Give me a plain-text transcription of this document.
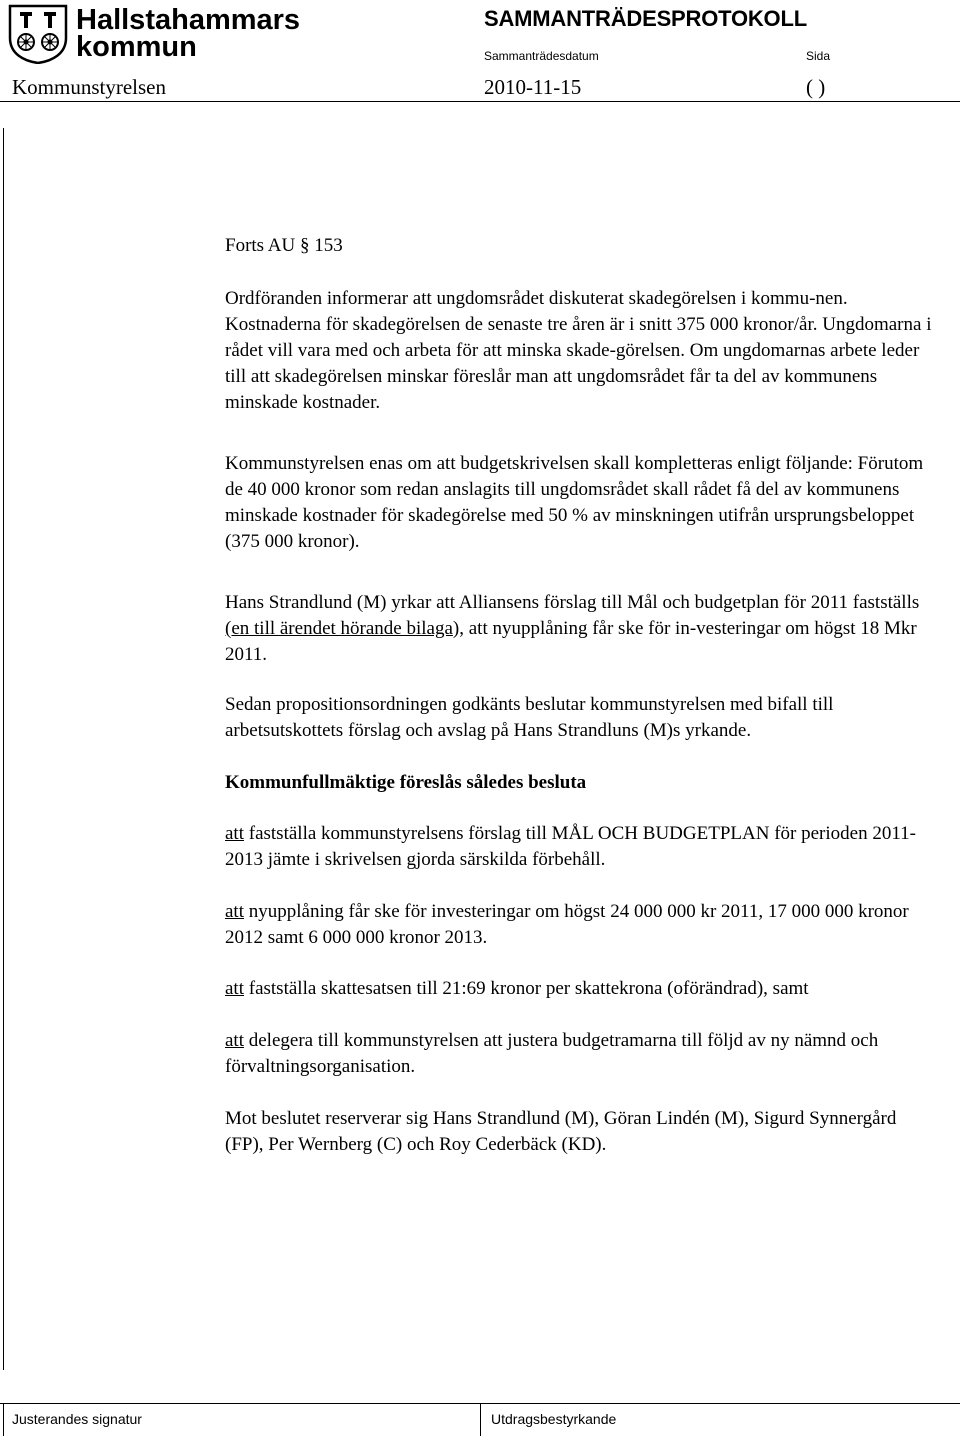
Hallstahammars
kommun
SAMMANTRÄDESPROTOKOLL
Sammanträdesdatum	Sida
Kommunstyrelsen	2010-11-15	( )
Forts AU § 153

Ordföranden informerar att ungdomsrådet diskuterat skadegörelsen i kommu-nen. Kostnaderna för skadegörelsen de senaste tre åren är i snitt 375 000 kronor/år. Ungdomarna i rådet vill vara med och arbeta för att minska skade-görelsen. Om ungdomarnas arbete leder till att skadegörelsen minskar föreslår man att ungdomsrådet får ta del av kommunens minskade kostnader.

Kommunstyrelsen enas om att budgetskrivelsen skall kompletteras enligt följande: Förutom de 40 000 kronor som redan anslagits till ungdomsrådet skall rådet få del av kommunens minskade kostnader för skadegörelse med 50 % av minskningen utifrån ursprungsbeloppet (375 000 kronor).

Hans Strandlund (M) yrkar att Alliansens förslag till Mål och budgetplan för 2011 fastställs (en till ärendet hörande bilaga), att nyupplåning får ske för in-vesteringar om högst 18 Mkr 2011.

Sedan propositionsordningen godkänts beslutar kommunstyrelsen med bifall till arbetsutskottets förslag och avslag på Hans Strandluns (M)s yrkande.

Kommunfullmäktige föreslås således besluta

att fastställa kommunstyrelsens förslag till MÅL OCH BUDGETPLAN för perioden 2011-2013 jämte i skrivelsen gjorda särskilda förbehåll.

att nyupplåning får ske för investeringar om högst 24 000 000 kr 2011, 17 000 000 kronor 2012 samt 6 000 000 kronor 2013.

att fastställa skattesatsen till 21:69 kronor per skattekrona (oförändrad), samt

att delegera till kommunstyrelsen att justera budgetramarna till följd av ny nämnd och förvaltningsorganisation.

Mot beslutet reserverar sig Hans Strandlund (M), Göran Lindén (M), Sigurd Synnergård (FP), Per Wernberg (C) och Roy Cederbäck (KD).

Justerandes signatur	Utdragsbestyrkande
